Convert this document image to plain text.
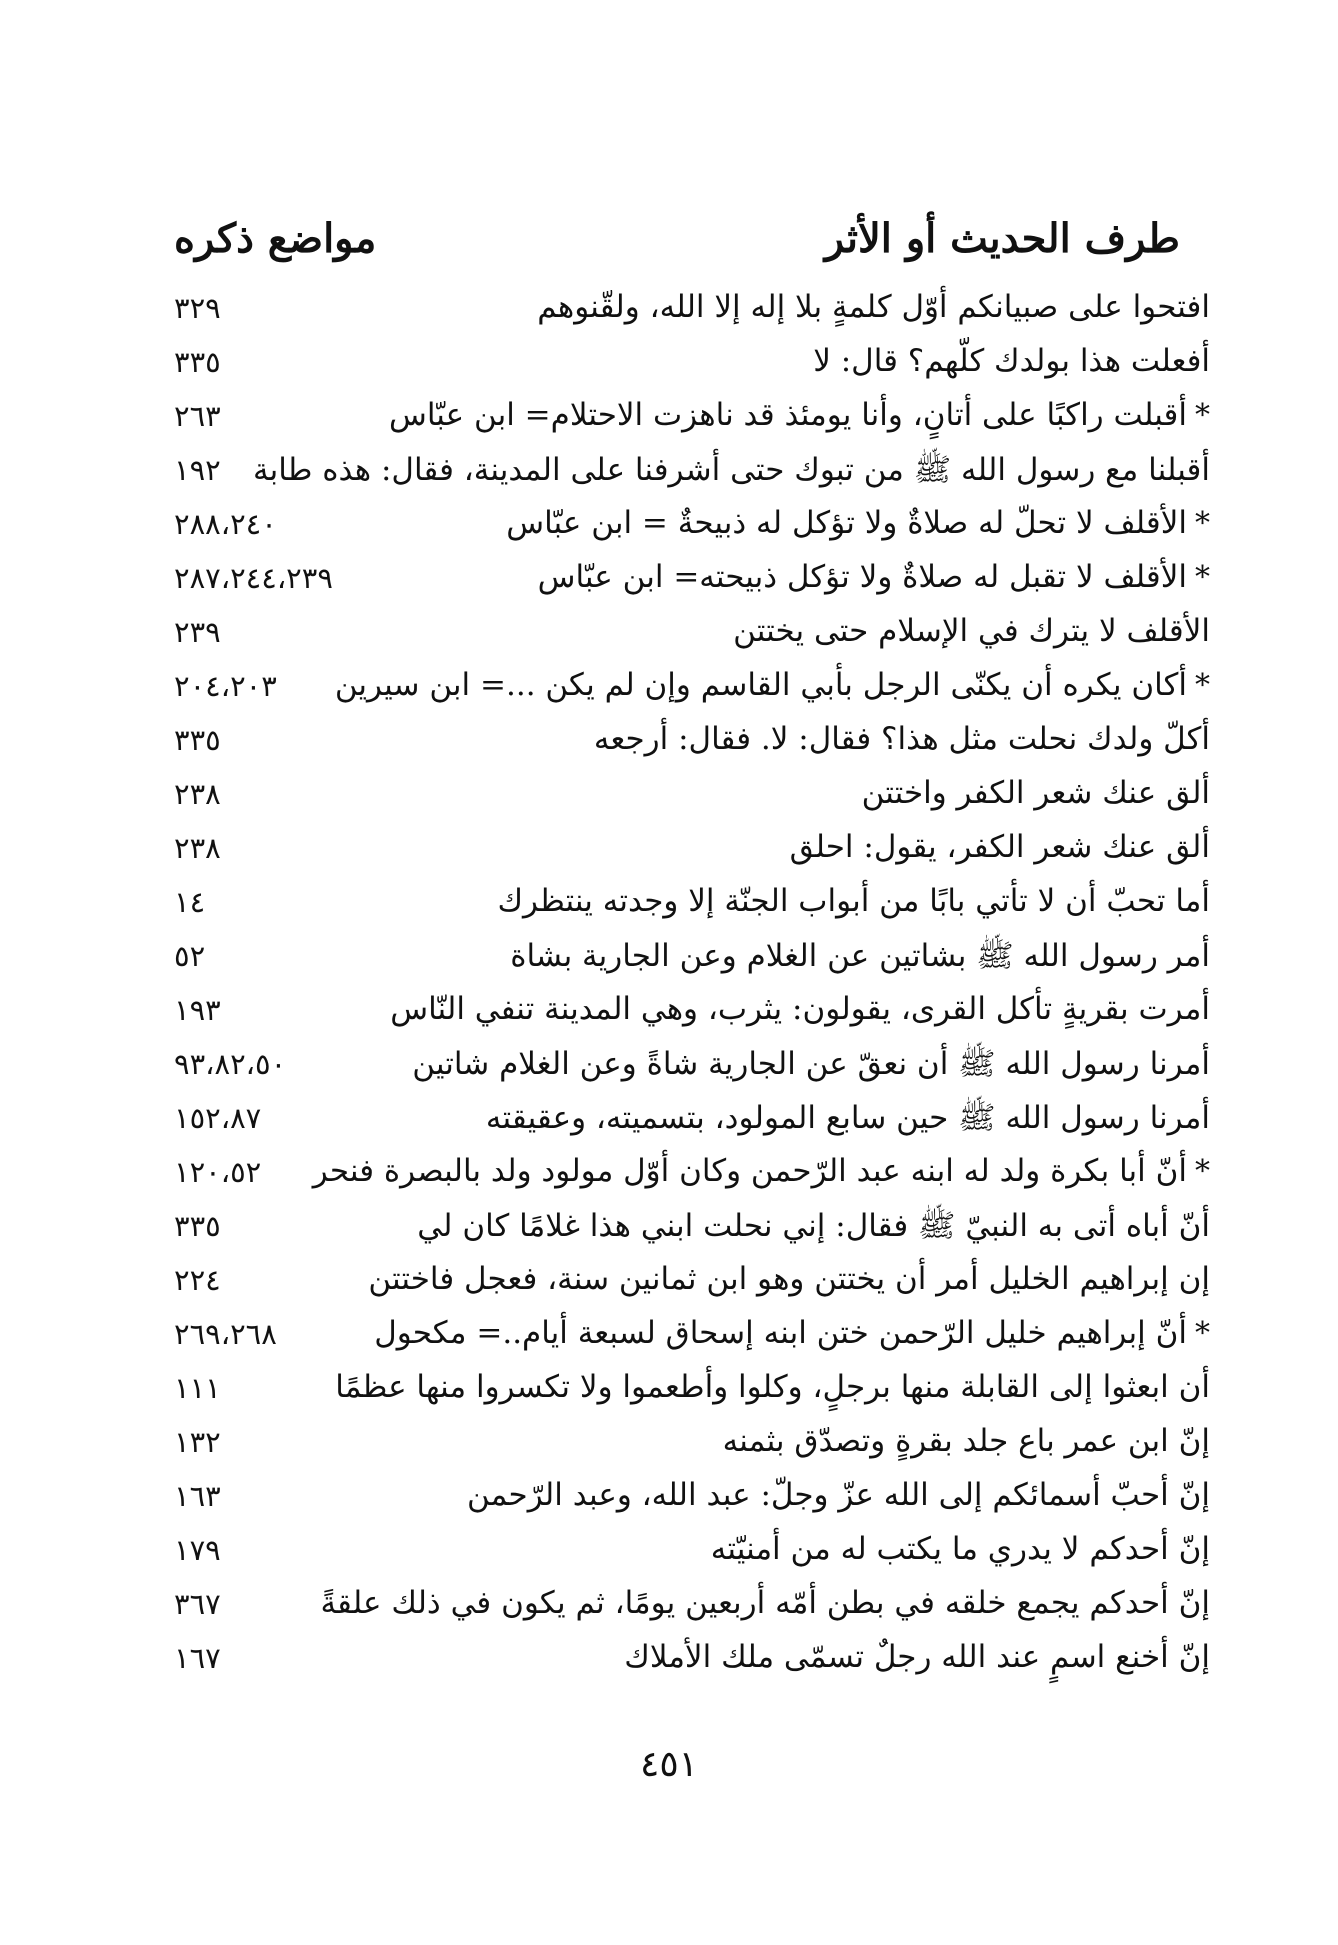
طرف الحديث أو الأثر
مواضع ذكره
افتحوا على صبيانكم أوّل كلمةٍ بلا إله إلا الله، ولقّنوهم
٣٢٩
أفعلت هذا بولدك كلّهم؟ قال: لا
٣٣٥
*أقبلت راكبًا على أتانٍ، وأنا يومئذ قد ناهزت الاحتلام= ابن عبّاس
٢٦٣
أقبلنا مع رسول الله ﷺ من تبوك حتى أشرفنا على المدينة، فقال: هذه طابة
١٩٢
*الأقلف لا تحلّ له صلاةٌ ولا تؤكل له ذبيحةٌ = ابن عبّاس
٢٨٨،٢٤٠
*الأقلف لا تقبل له صلاةٌ ولا تؤكل ذبيحته= ابن عبّاس
٢٨٧،٢٤٤،٢٣٩
الأقلف لا يترك في الإسلام حتى يختتن
٢٣٩
*أكان يكره أن يكنّى الرجل بأبي القاسم وإن لم يكن ...= ابن سيرين
٢٠٤،٢٠٣
أكلّ ولدك نحلت مثل هذا؟ فقال: لا. فقال: أرجعه
٣٣٥
ألق عنك شعر الكفر واختتن
٢٣٨
ألق عنك شعر الكفر، يقول: احلق
٢٣٨
أما تحبّ أن لا تأتي بابًا من أبواب الجنّة إلا وجدته ينتظرك
١٤
أمر رسول الله ﷺ بشاتين عن الغلام وعن الجارية بشاة
٥٢
أمرت بقريةٍ تأكل القرى، يقولون: يثرب، وهي المدينة تنفي النّاس
١٩٣
أمرنا رسول الله ﷺ أن نعقّ عن الجارية شاةً وعن الغلام شاتين
٩٣،٨٢،٥٠
أمرنا رسول الله ﷺ حين سابع المولود، بتسميته، وعقيقته
١٥٢،٨٧
*أنّ أبا بكرة ولد له ابنه عبد الرّحمن وكان أوّل مولود ولد بالبصرة فنحر
١٢٠،٥٢
أنّ أباه أتى به النبيّ ﷺ فقال: إني نحلت ابني هذا غلامًا كان لي
٣٣٥
إن إبراهيم الخليل أمر أن يختتن وهو ابن ثمانين سنة، فعجل فاختتن
٢٢٤
*أنّ إبراهيم خليل الرّحمن ختن ابنه إسحاق لسبعة أيام..= مكحول
٢٦٩،٢٦٨
أن ابعثوا إلى القابلة منها برجلٍ، وكلوا وأطعموا ولا تكسروا منها عظمًا
١١١
إنّ ابن عمر باع جلد بقرةٍ وتصدّق بثمنه
١٣٢
إنّ أحبّ أسمائكم إلى الله عزّ وجلّ: عبد الله، وعبد الرّحمن
١٦٣
إنّ أحدكم لا يدري ما يكتب له من أمنيّته
١٧٩
إنّ أحدكم يجمع خلقه في بطن أمّه أربعين يومًا، ثم يكون في ذلك علقةً
٣٦٧
إنّ أخنع اسمٍ عند الله رجلٌ تسمّى ملك الأملاك
١٦٧
٤٥١
